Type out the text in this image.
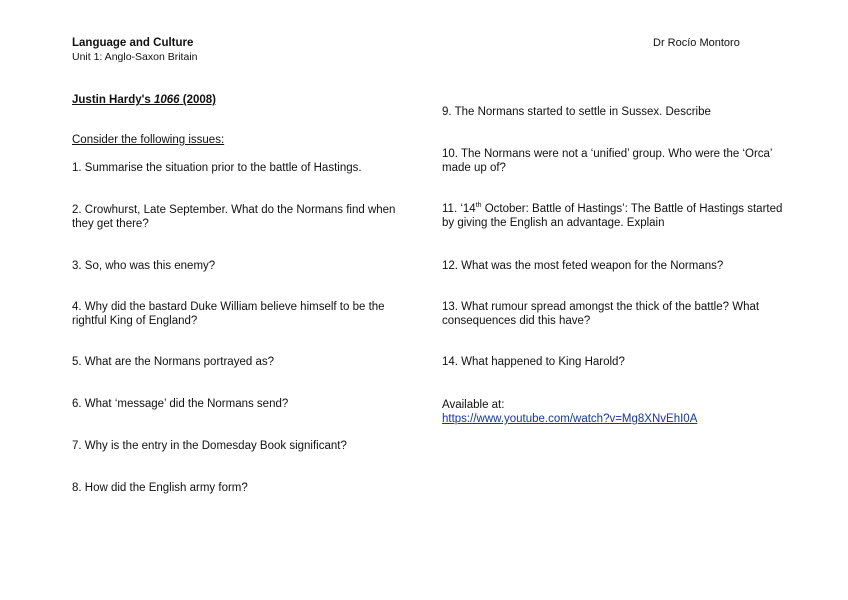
Language and Culture
Unit 1: Anglo-Saxon Britain
Dr Rocío Montoro
Justin Hardy's 1066 (2008)
Consider the following issues:
1. Summarise the situation prior to the battle of Hastings.
2. Crowhurst, Late September. What do the Normans find when they get there?
3. So, who was this enemy?
4. Why did the bastard Duke William believe himself to be the rightful King of England?
5. What are the Normans portrayed as?
6. What ‘message’ did the Normans send?
7. Why is the entry in the Domesday Book significant?
8. How did the English army form?
9. The Normans started to settle in Sussex. Describe
10. The Normans were not a ‘unified’ group. Who were the ‘Orca’ made up of?
11. ‘14th October: Battle of Hastings’: The Battle of Hastings started by giving the English an advantage. Explain
12. What was the most feted weapon for the Normans?
13. What rumour spread amongst the thick of the battle? What consequences did this have?
14. What happened to King Harold?
Available at:
https://www.youtube.com/watch?v=Mg8XNvEhI0A
